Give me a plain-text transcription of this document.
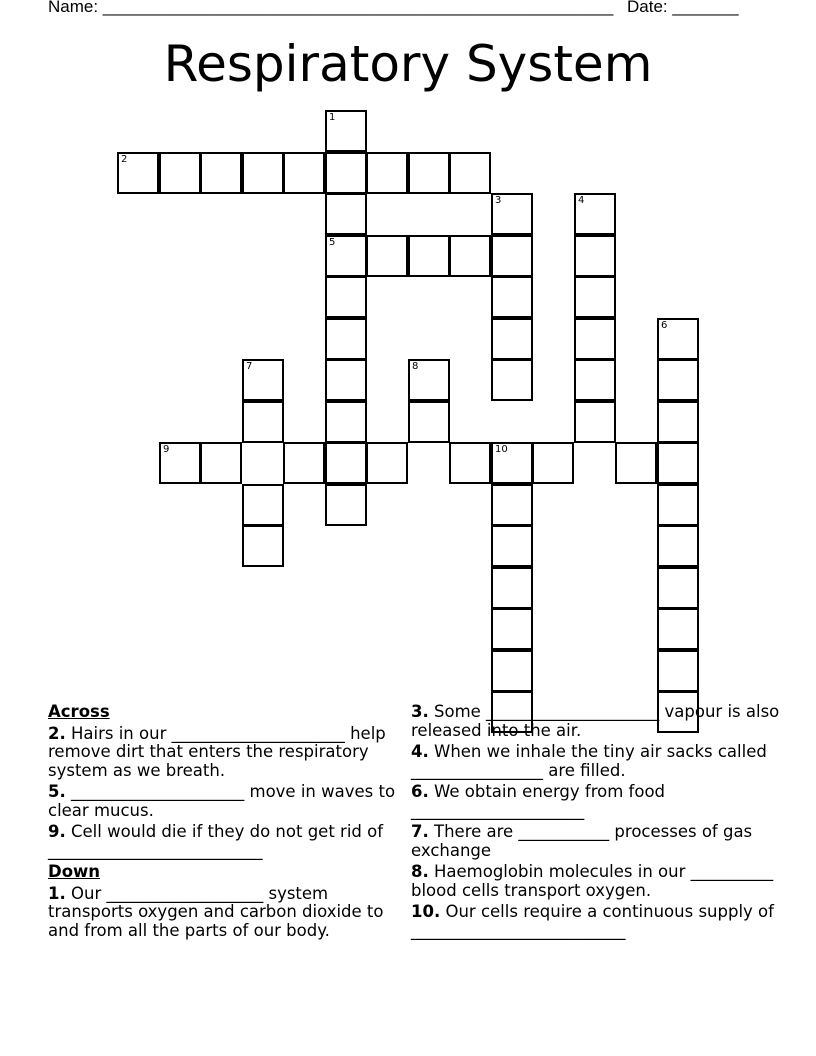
Name: ______________________________________________________ Date: _______
Respiratory System
1
5
2
3	4
7	8
6
9	10
Across
2. Hairs in our _____________________ help remove dirt that enters the respiratory system as we breath.
5. _____________________ move in waves to clear mucus.
9. Cell would die if they do not get rid of __________________________
Down
1. Our ___________________ system transports oxygen and carbon dioxide to and from all the parts of our body.
3. Some _____________________ vapour is also released into the air.
4. When we inhale the tiny air sacks called ________________ are filled.
6. We obtain energy from food _____________________
7. There are ___________ processes of gas exchange
8. Haemoglobin molecules in our __________ blood cells transport oxygen.
10. Our cells require a continuous supply of __________________________
